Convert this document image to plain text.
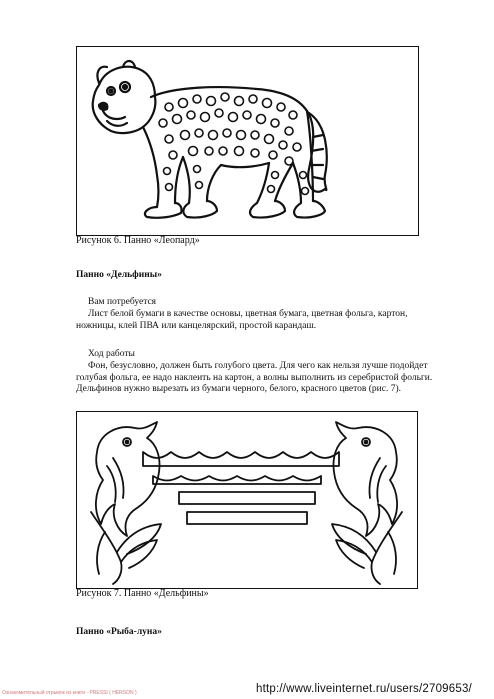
Рисунок 6. Панно «Леопард»
Панно «Дельфины»
Вам потребуется
Лист белой бумаги в качестве основы, цветная бумага, цветная фольга, картон,
ножницы, клей ПВА или канцелярский, простой карандаш.
Ход работы
Фон, безусловно, должен быть голубого цвета. Для чего как нельзя лучше подойдет
голубая фольга, ее надо наклеить на картон, а волны выполнить из серебристой фольги.
Дельфинов нужно вырезать из бумаги черного, белого, красного цветов (рис. 7).
Рисунок 7. Панно «Дельфины»
Панно «Рыба-луна»
Ознакомительный отрывок из книги · PRESSI ( HERSON )	http://www.liveinternet.ru/users/2709653/
